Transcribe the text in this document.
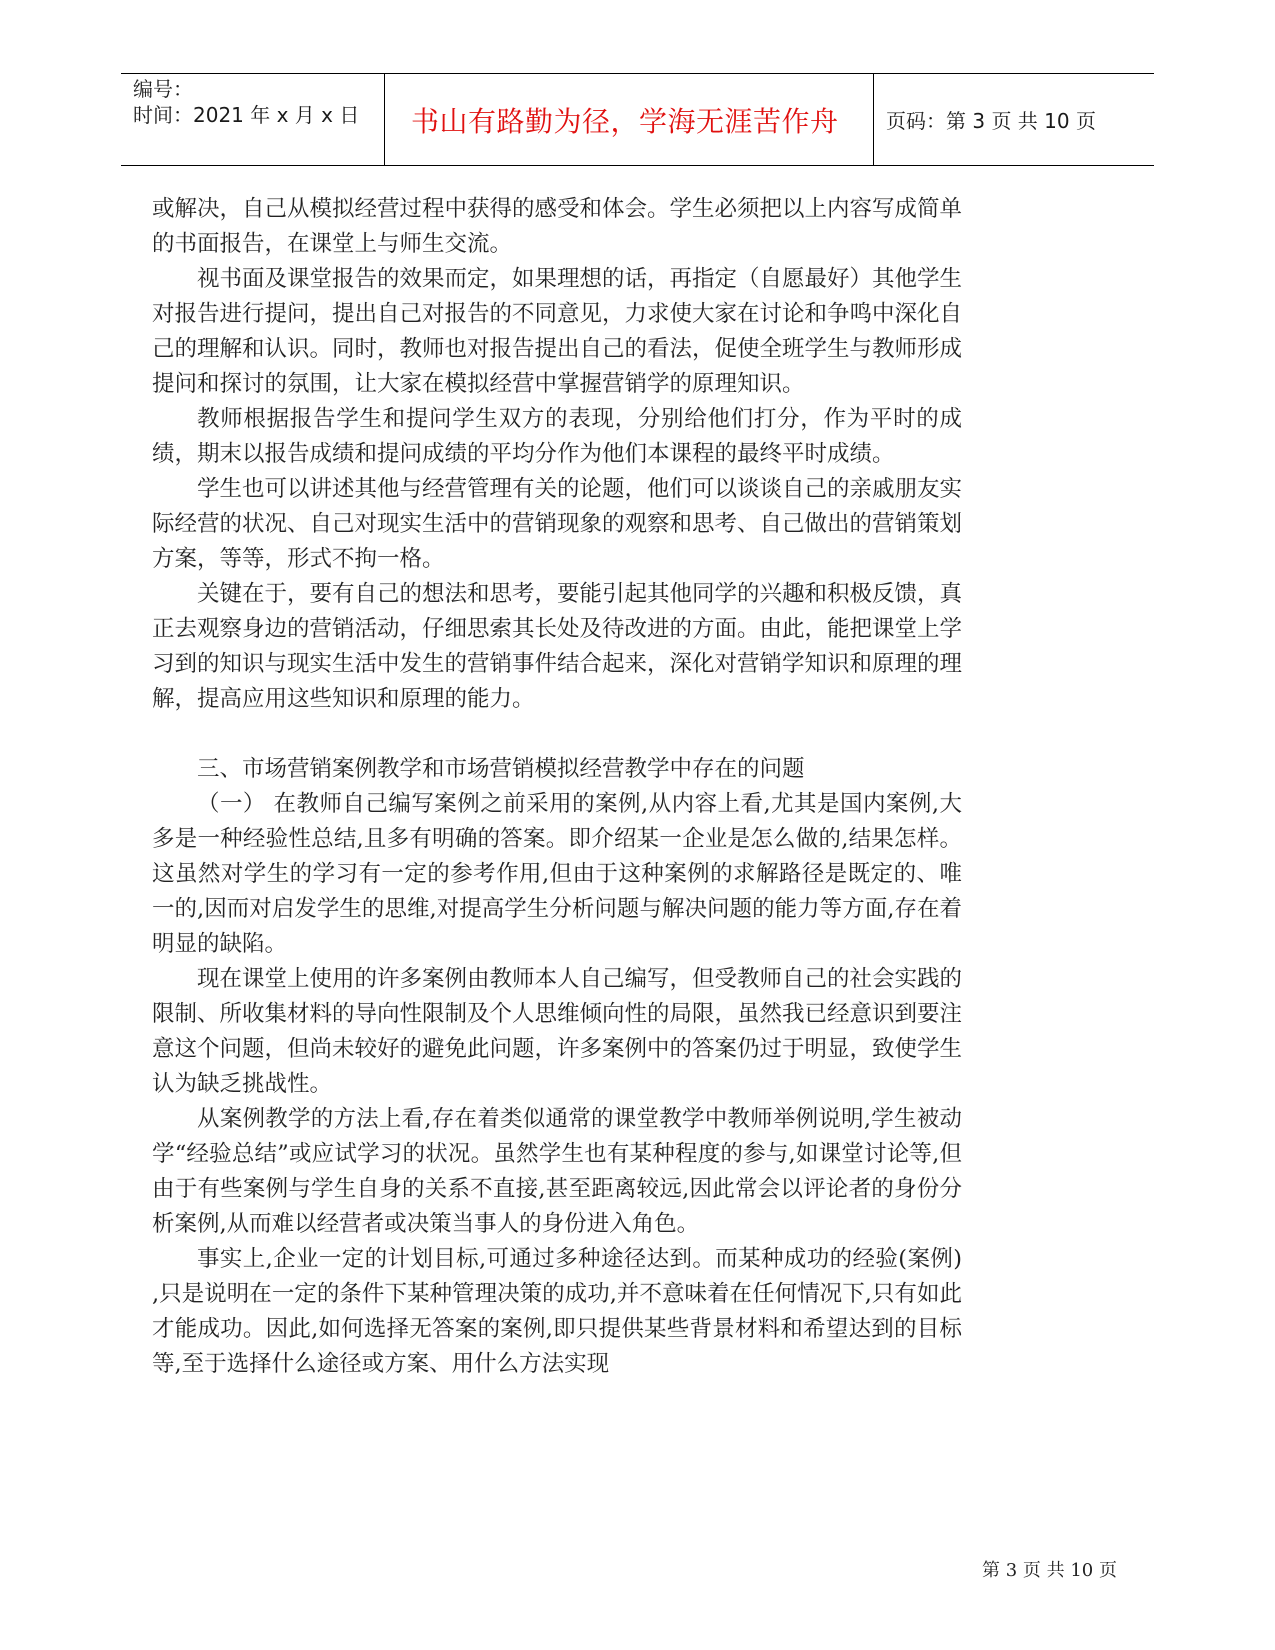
编号：
时间：2021 年 x 月 x 日	书山有路勤为径，学海无涯苦作舟 页码：第 3 页 共 10 页

或解决，自己从模拟经营过程中获得的感受和体会。学生必须把以上内容写成简单的书面报告，在课堂上与师生交流。

视书面及课堂报告的效果而定，如果理想的话，再指定（自愿最好）其他学生对报告进行提问，提出自己对报告的不同意见，力求使大家在讨论和争鸣中深化自己的理解和认识。同时，教师也对报告提出自己的看法，促使全班学生与教师形成提问和探讨的氛围，让大家在模拟经营中掌握营销学的原理知识。

教师根据报告学生和提问学生双方的表现，分别给他们打分，作为平时的成绩，期末以报告成绩和提问成绩的平均分作为他们本课程的最终平时成绩。

学生也可以讲述其他与经营管理有关的论题，他们可以谈谈自己的亲戚朋友实际经营的状况、自己对现实生活中的营销现象的观察和思考、自己做出的营销策划方案，等等，形式不拘一格。

关键在于，要有自己的想法和思考，要能引起其他同学的兴趣和积极反馈，真正去观察身边的营销活动，仔细思索其长处及待改进的方面。由此，能把课堂上学习到的知识与现实生活中发生的营销事件结合起来，深化对营销学知识和原理的理解，提高应用这些知识和原理的能力。

三、市场营销案例教学和市场营销模拟经营教学中存在的问题

（一） 在教师自己编写案例之前采用的案例,从内容上看,尤其是国内案例,大多是一种经验性总结,且多有明确的答案。即介绍某一企业是怎么做的,结果怎样。这虽然对学生的学习有一定的参考作用,但由于这种案例的求解路径是既定的、唯一的,因而对启发学生的思维,对提高学生分析问题与解决问题的能力等方面,存在着明显的缺陷。

现在课堂上使用的许多案例由教师本人自己编写，但受教师自己的社会实践的限制、所收集材料的导向性限制及个人思维倾向性的局限，虽然我已经意识到要注意这个问题，但尚未较好的避免此问题，许多案例中的答案仍过于明显，致使学生认为缺乏挑战性。

从案例教学的方法上看,存在着类似通常的课堂教学中教师举例说明,学生被动学“经验总结”或应试学习的状况。虽然学生也有某种程度的参与,如课堂讨论等,但由于有些案例与学生自身的关系不直接,甚至距离较远,因此常会以评论者的身份分析案例,从而难以经营者或决策当事人的身份进入角色。

事实上,企业一定的计划目标,可通过多种途径达到。而某种成功的经验(案例) ,只是说明在一定的条件下某种管理决策的成功,并不意味着在任何情况下,只有如此才能成功。因此,如何选择无答案的案例,即只提供某些背景材料和希望达到的目标等,至于选择什么途径或方案、用什么方法实现

第 3 页 共 10 页
